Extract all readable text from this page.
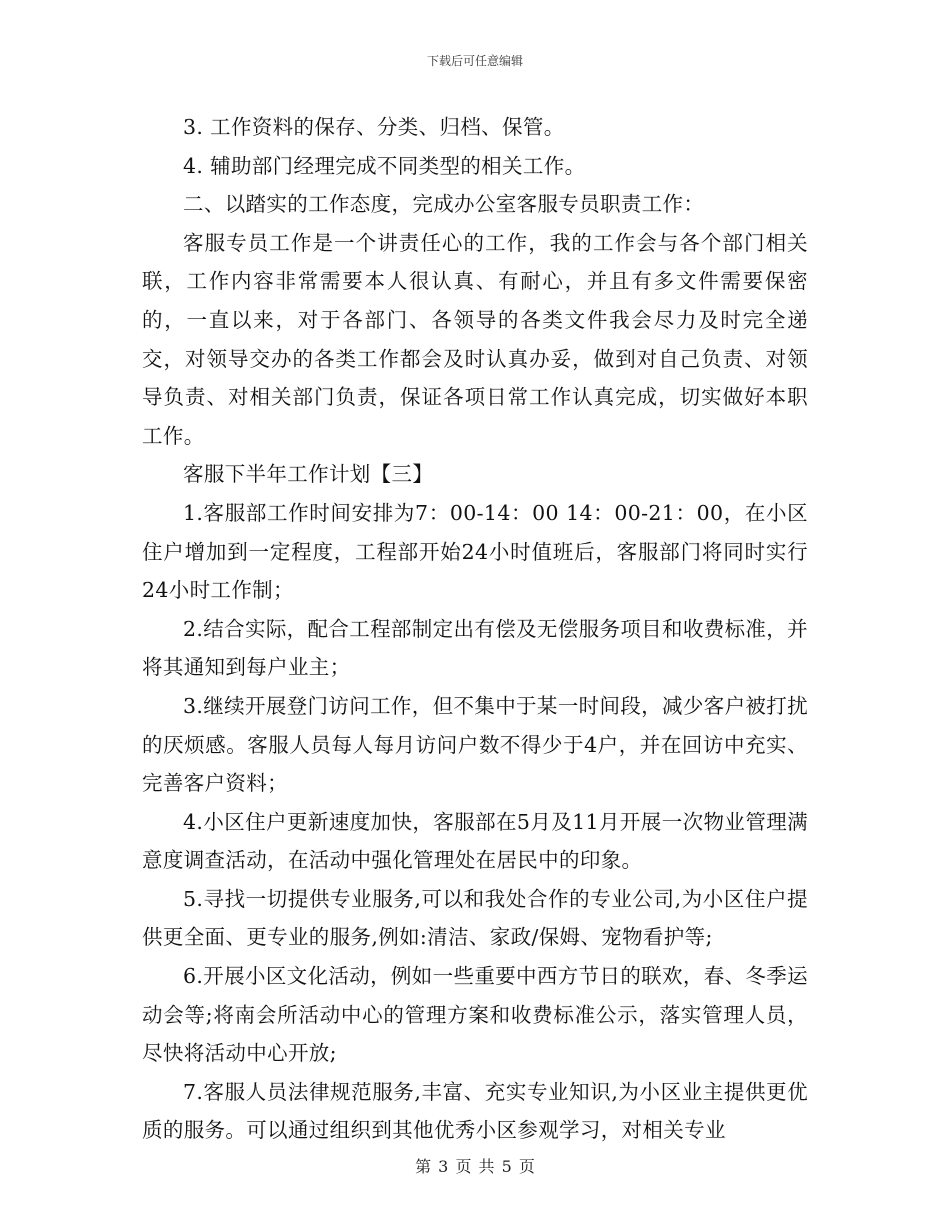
下载后可任意编辑

3. 工作资料的保存、分类、归档、保管。

4. 辅助部门经理完成不同类型的相关工作。

二、以踏实的工作态度，完成办公室客服专员职责工作：

客服专员工作是一个讲责任心的工作，我的工作会与各个部门相关联，工作内容非常需要本人很认真、有耐心，并且有多文件需要保密的，一直以来，对于各部门、各领导的各类文件我会尽力及时完全递交，对领导交办的各类工作都会及时认真办妥，做到对自己负责、对领导负责、对相关部门负责，保证各项日常工作认真完成，切实做好本职工作。

客服下半年工作计划【三】

1.客服部工作时间安排为7：00-14：00 14：00-21：00，在小区住户增加到一定程度，工程部开始24小时值班后，客服部门将同时实行24小时工作制；

2.结合实际，配合工程部制定出有偿及无偿服务项目和收费标准，并将其通知到每户业主；

3.继续开展登门访问工作，但不集中于某一时间段，减少客户被打扰的厌烦感。客服人员每人每月访问户数不得少于4户，并在回访中充实、完善客户资料；

4.小区住户更新速度加快，客服部在5月及11月开展一次物业管理满意度调查活动，在活动中强化管理处在居民中的印象。

5.寻找一切提供专业服务,可以和我处合作的专业公司,为小区住户提供更全面、更专业的服务,例如:清洁、家政/保姆、宠物看护等;

6.开展小区文化活动，例如一些重要中西方节日的联欢，春、冬季运动会等;将南会所活动中心的管理方案和收费标准公示，落实管理人员，尽快将活动中心开放;

7.客服人员法律规范服务,丰富、充实专业知识,为小区业主提供更优质的服务。可以通过组织到其他优秀小区参观学习，对相关专业

第 3 页 共 5 页
